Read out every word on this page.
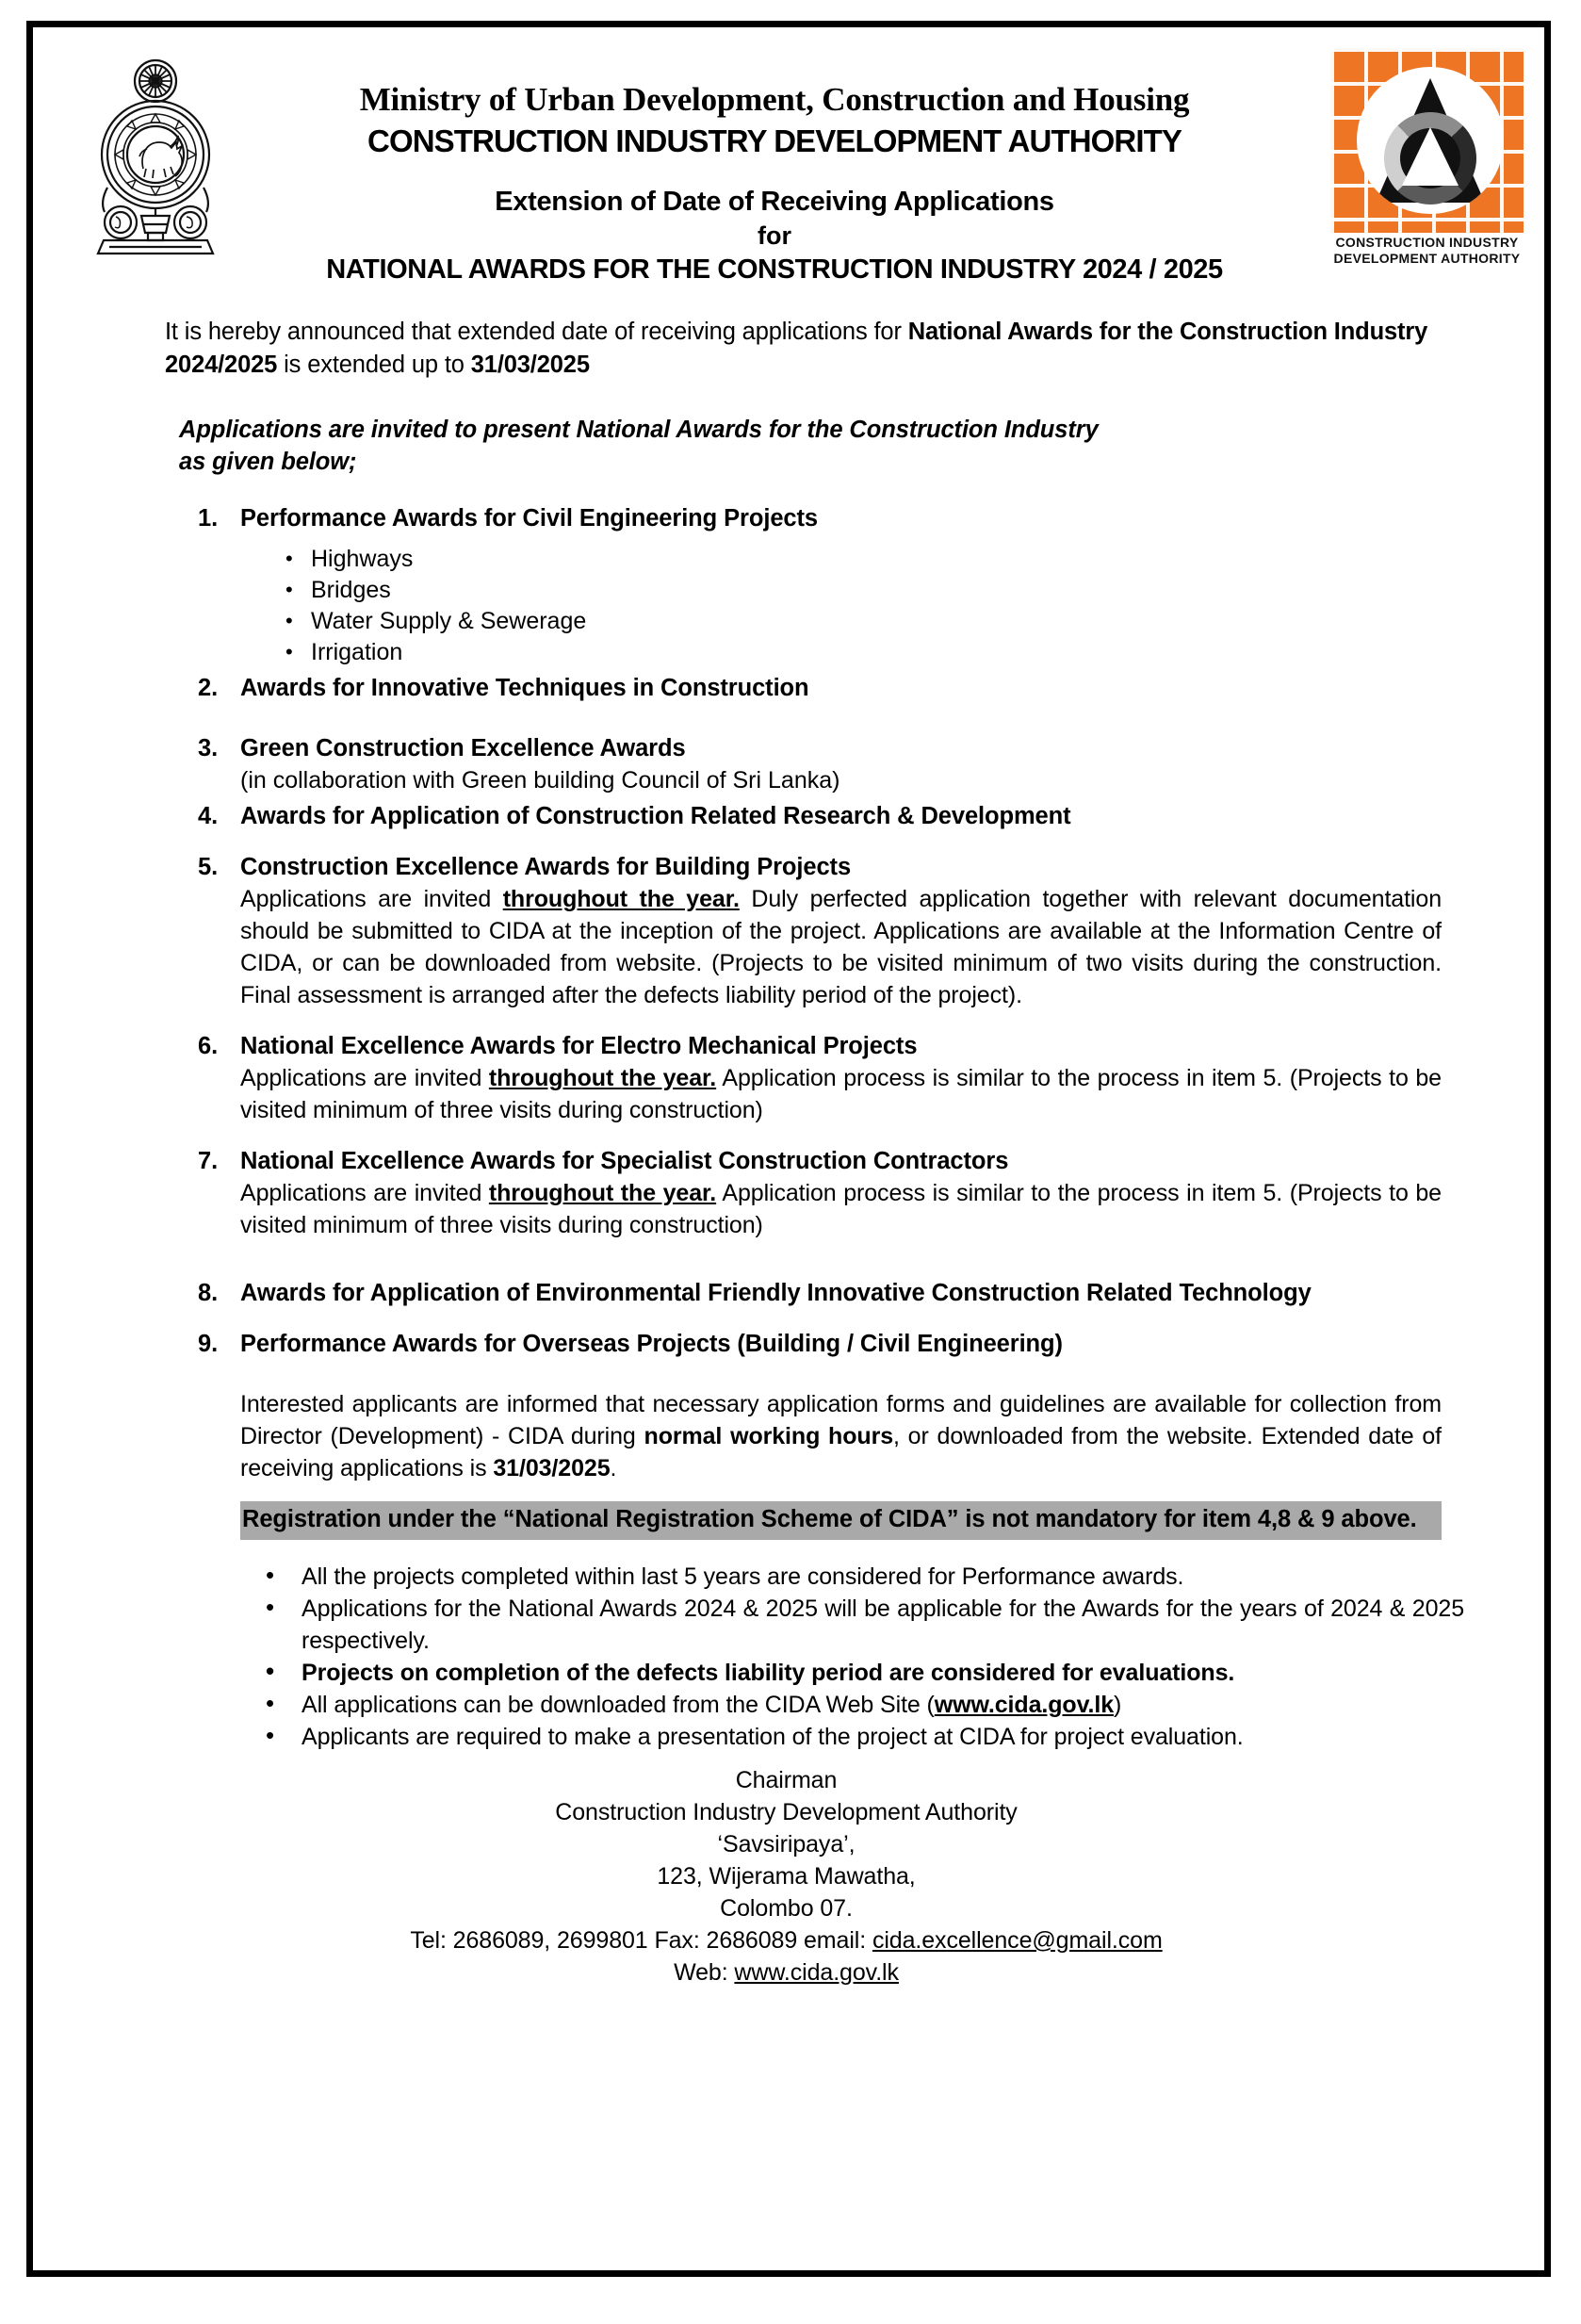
Ministry of Urban Development, Construction and Housing
CONSTRUCTION INDUSTRY DEVELOPMENT AUTHORITY
Extension of Date of Receiving Applications
for
NATIONAL AWARDS FOR THE CONSTRUCTION INDUSTRY 2024 / 2025
CONSTRUCTION INDUSTRY
DEVELOPMENT AUTHORITY

It is hereby announced that extended date of receiving applications for National Awards for the Construction Industry 2024/2025 is extended up to 31/03/2025

Applications are invited to present National Awards for the Construction Industry
as given below;

1. Performance Awards for Civil Engineering Projects
• Highways
• Bridges
• Water Supply & Sewerage
• Irrigation
2. Awards for Innovative Techniques in Construction
3. Green Construction Excellence Awards
(in collaboration with Green building Council of Sri Lanka)
4. Awards for Application of Construction Related Research & Development
5. Construction Excellence Awards for Building Projects
Applications are invited throughout the year. Duly perfected application together with relevant documentation should be submitted to CIDA at the inception of the project. Applications are available at the Information Centre of CIDA, or can be downloaded from website. (Projects to be visited minimum of two visits during the construction. Final assessment is arranged after the defects liability period of the project).
6. National Excellence Awards for Electro Mechanical Projects
Applications are invited throughout the year. Application process is similar to the process in item 5. (Projects to be visited minimum of three visits during construction)
7. National Excellence Awards for Specialist Construction Contractors
Applications are invited throughout the year. Application process is similar to the process in item 5. (Projects to be visited minimum of three visits during construction)
8. Awards for Application of Environmental Friendly Innovative Construction Related Technology
9. Performance Awards for Overseas Projects (Building / Civil Engineering)

Interested applicants are informed that necessary application forms and guidelines are available for collection from Director (Development) - CIDA during normal working hours, or downloaded from the website. Extended date of receiving applications is 31/03/2025.

Registration under the “National Registration Scheme of CIDA” is not mandatory for item 4,8 & 9 above.
• All the projects completed within last 5 years are considered for Performance awards.
• Applications for the National Awards 2024 & 2025 will be applicable for the Awards for the years of 2024 & 2025 respectively.
• Projects on completion of the defects liability period are considered for evaluations.
• All applications can be downloaded from the CIDA Web Site (www.cida.gov.lk)
• Applicants are required to make a presentation of the project at CIDA for project evaluation.
Chairman
Construction Industry Development Authority
‘Savsiripaya’,
123, Wijerama Mawatha,
Colombo 07.
Tel: 2686089, 2699801 Fax: 2686089 email: cida.excellence@gmail.com
Web: www.cida.gov.lk
